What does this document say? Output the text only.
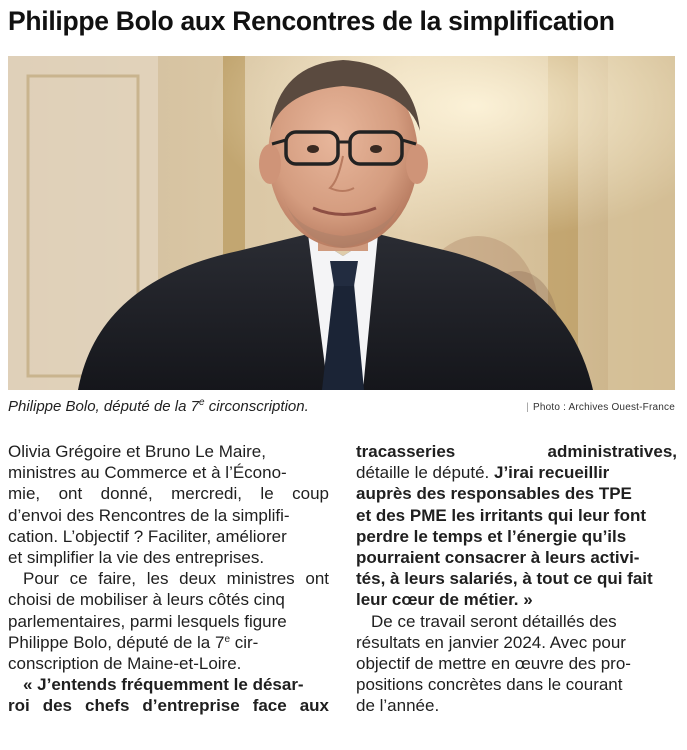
Philippe Bolo aux Rencontres de la simplification
Philippe Bolo, député de la 7e circonscription.	| Photo : Archives Ouest-France

Olivia Grégoire et Bruno Le Maire,
ministres au Commerce et à l’Écono-
mie, ont donné, mercredi, le coup
d’envoi des Rencontres de la simplifi-
cation. L’objectif ? Faciliter, améliorer
et simplifier la vie des entreprises.

Pour ce faire, les deux ministres ont
choisi de mobiliser à leurs côtés cinq
parlementaires, parmi lesquels figure
Philippe Bolo, député de la 7e cir-
conscription de Maine-et-Loire.

« J’entends fréquemment le désar-
roi des chefs d’entreprise face aux

tracasseries administratives,
détaille le député. J’irai recueillir
auprès des responsables des TPE
et des PME les irritants qui leur font
perdre le temps et l’énergie qu’ils
pourraient consacrer à leurs activi-
tés, à leurs salariés, à tout ce qui fait
leur cœur de métier. »

De ce travail seront détaillés des
résultats en janvier 2024. Avec pour
objectif de mettre en œuvre des pro-
positions concrètes dans le courant
de l’année.
